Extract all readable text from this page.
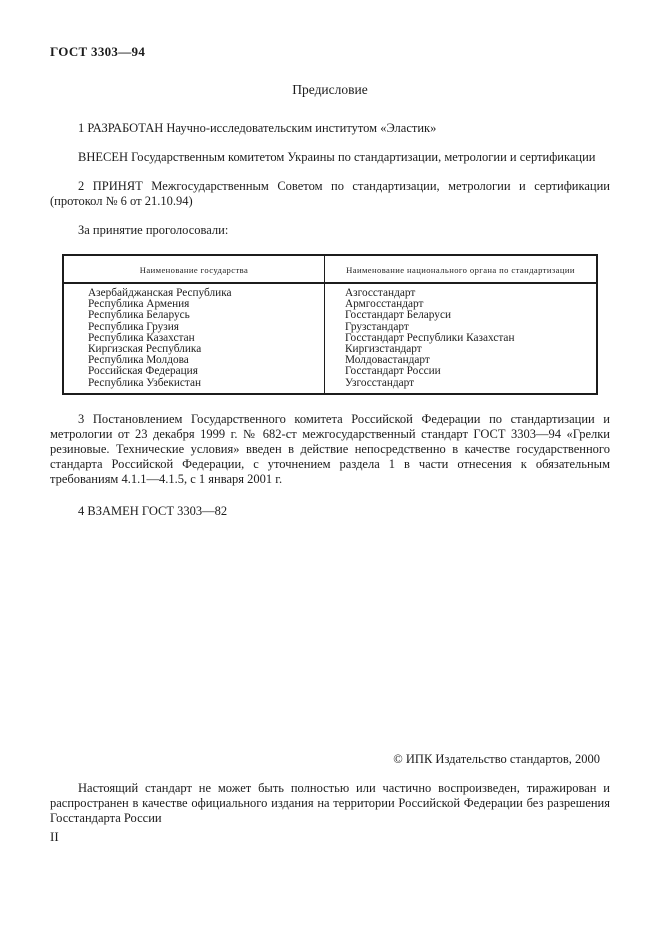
ГОСТ 3303—94
Предисловие
1 РАЗРАБОТАН Научно-исследовательским институтом «Эластик»
ВНЕСЕН Государственным комитетом Украины по стандартизации, метрологии и сертификации
2 ПРИНЯТ Межгосударственным Советом по стандартизации, метрологии и сертификации (протокол № 6 от 21.10.94)
За принятие проголосовали:
Наименование государства	Наименование национального органа по стандартизации
Азербайджанская Республика
Республика Армения
Республика Беларусь
Республика Грузия
Республика Казахстан
Киргизская Республика
Республика Молдова
Российская Федерация
Республика Узбекистан
Азгосстандарт
Армгосстандарт
Госстандарт Беларуси
Грузстандарт
Госстандарт Республики Казахстан
Киргизстандарт
Молдовастандарт
Госстандарт России
Узгосстандарт
3 Постановлением Государственного комитета Российской Федерации по стандартизации и метрологии от 23 декабря 1999 г. № 682-ст межгосударственный стандарт ГОСТ 3303—94 «Грелки резиновые. Технические условия» введен в действие непосредственно в качестве государственного стандарта Российской Федерации, с уточнением раздела 1 в части отнесения к обязательным требованиям 4.1.1—4.1.5, с 1 января 2001 г.
4 ВЗАМЕН ГОСТ 3303—82
© ИПК Издательство стандартов, 2000
Настоящий стандарт не может быть полностью или частично воспроизведен, тиражирован и распространен в качестве официального издания на территории Российской Федерации без разрешения Госстандарта России
II
